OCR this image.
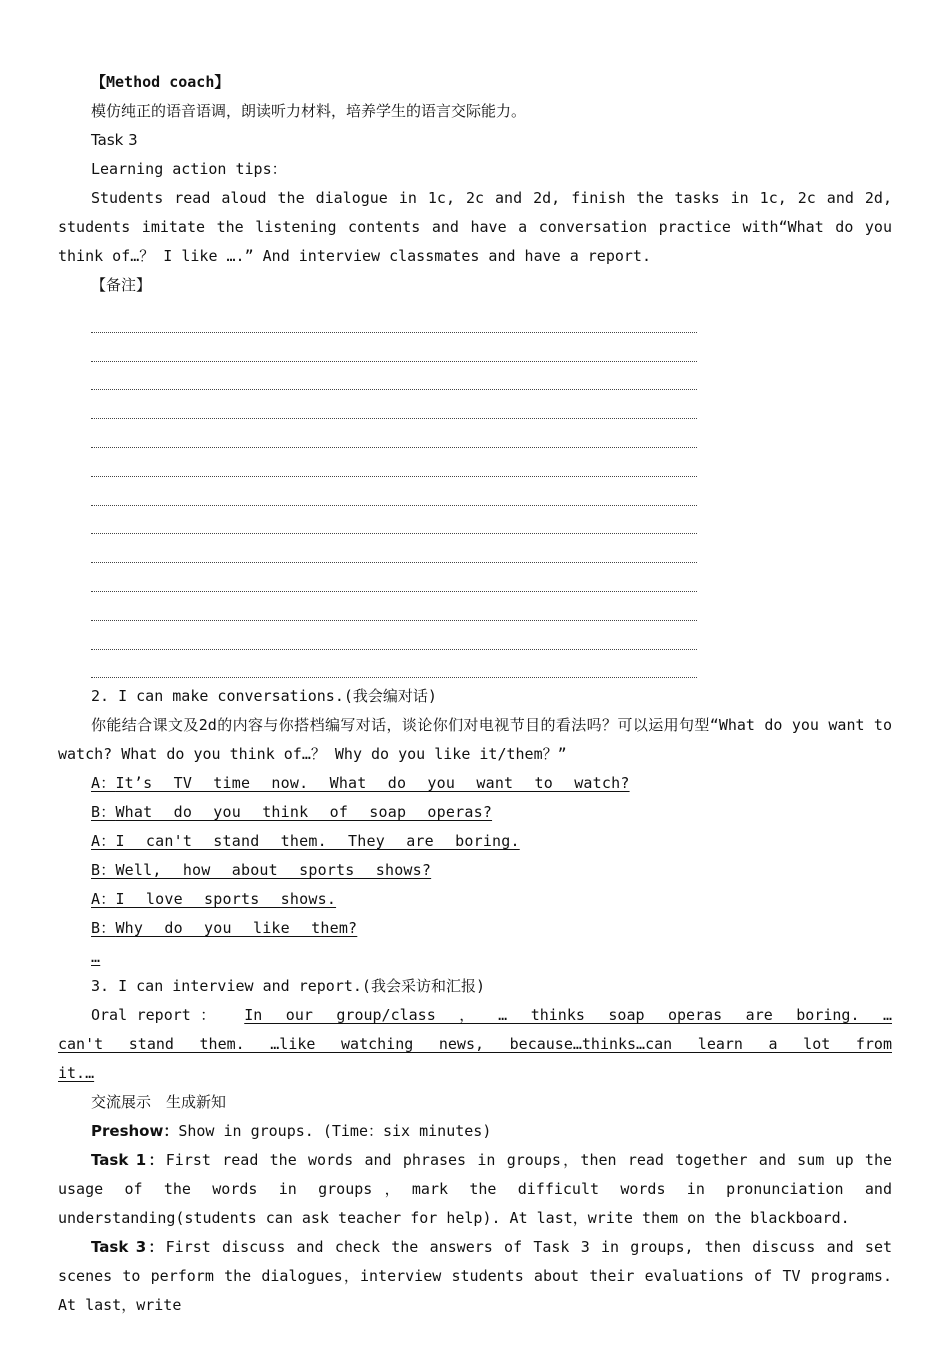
【Method coach】
模仿纯正的语音语调，朗读听力材料，培养学生的语言交际能力。
Task 3
Learning action tips：
Students read aloud the dialogue in 1c, 2c and 2d, finish the tasks in 1c, 2c and 2d, students imitate the listening contents and have a conversation practice with“What do you think of…？ I like ….” And interview classmates and have a report.
【备注】
2. I can make conversations.(我会编对话)
你能结合课文及2d的内容与你搭档编写对话，谈论你们对电视节目的看法吗？可以运用句型“What do you want to watch? What do you think of…？ Why do you like it/them？”
A：It’s TV time now. What do you want to watch?
B：What do you think of soap operas?
A：I can't stand them. They are boring.
B：Well, how about sports shows?
A：I love sports shows.
B：Why do you like them?
…
3. I can interview and report.(我会采访和汇报)
Oral report ： In our group/class ， … thinks soap operas are boring. … can't stand them. …like watching news, because…thinks…can learn a lot from it.…
交流展示　生成新知
Preshow：Show in groups. (Time：six minutes)
Task 1：First read the words and phrases in groups，then read together and sum up the usage of the words in groups，mark the difficult words in pronunciation and understanding(students can ask teacher for help). At last，write them on the blackboard.
Task 3：First discuss and check the answers of Task 3 in groups, then discuss and set scenes to perform the dialogues，interview students about their evaluations of TV programs. At last，write
